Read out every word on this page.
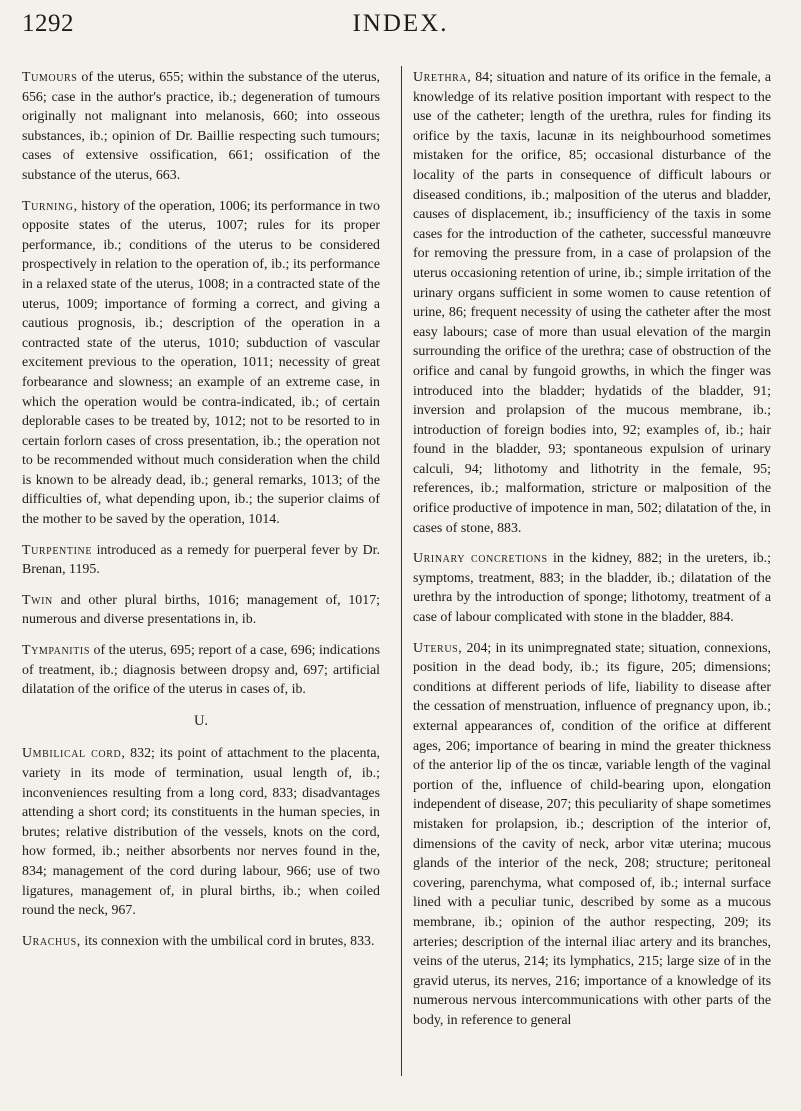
1292	INDEX.

Tumours of the uterus, 655; within the substance of the uterus, 656; case in the author's practice, ib.; degeneration of tumours originally not malignant into melanosis, 660; into osseous substances, ib.; opinion of Dr. Baillie respecting such tumours; cases of extensive ossification, 661; ossification of the substance of the uterus, 663.

Turning, history of the operation, 1006; its performance in two opposite states of the uterus, 1007; rules for its proper performance, ib.; conditions of the uterus to be considered prospectively in relation to the operation of, ib.; its performance in a relaxed state of the uterus, 1008; in a contracted state of the uterus, 1009; importance of forming a correct, and giving a cautious prognosis, ib.; description of the operation in a contracted state of the uterus, 1010; subduction of vascular excitement previous to the operation, 1011; necessity of great forbearance and slowness; an example of an extreme case, in which the operation would be contra-indicated, ib.; of certain deplorable cases to be treated by, 1012; not to be resorted to in certain forlorn cases of cross presentation, ib.; the operation not to be recommended without much consideration when the child is known to be already dead, ib.; general remarks, 1013; of the difficulties of, what depending upon, ib.; the superior claims of the mother to be saved by the operation, 1014.

Turpentine introduced as a remedy for puerperal fever by Dr. Brenan, 1195.

Twin and other plural births, 1016; management of, 1017; numerous and diverse presentations in, ib.

Tympanitis of the uterus, 695; report of a case, 696; indications of treatment, ib.; diagnosis between dropsy and, 697; artificial dilatation of the orifice of the uterus in cases of, ib.

U.

Umbilical cord, 832; its point of attachment to the placenta, variety in its mode of termination, usual length of, ib.; inconveniences resulting from a long cord, 833; disadvantages attending a short cord; its constituents in the human species, in brutes; relative distribution of the vessels, knots on the cord, how formed, ib.; neither absorbents nor nerves found in the, 834; management of the cord during labour, 966; use of two ligatures, management of, in plural births, ib.; when coiled round the neck, 967.

Urachus, its connexion with the umbilical cord in brutes, 833.

Urethra, 84; situation and nature of its orifice in the female, a knowledge of its relative position important with respect to the use of the catheter; length of the urethra, rules for finding its orifice by the taxis, lacunæ in its neighbourhood sometimes mistaken for the orifice, 85; occasional disturbance of the locality of the parts in consequence of difficult labours or diseased conditions, ib.; malposition of the uterus and bladder, causes of displacement, ib.; insufficiency of the taxis in some cases for the introduction of the catheter, successful manœuvre for removing the pressure from, in a case of prolapsion of the uterus occasioning retention of urine, ib.; simple irritation of the urinary organs sufficient in some women to cause retention of urine, 86; frequent necessity of using the catheter after the most easy labours; case of more than usual elevation of the margin surrounding the orifice of the urethra; case of obstruction of the orifice and canal by fungoid growths, in which the finger was introduced into the bladder; hydatids of the bladder, 91; inversion and prolapsion of the mucous membrane, ib.; introduction of foreign bodies into, 92; examples of, ib.; hair found in the bladder, 93; spontaneous expulsion of urinary calculi, 94; lithotomy and lithotrity in the female, 95; references, ib.; malformation, stricture or malposition of the orifice productive of impotence in man, 502; dilatation of the, in cases of stone, 883.

Urinary concretions in the kidney, 882; in the ureters, ib.; symptoms, treatment, 883; in the bladder, ib.; dilatation of the urethra by the introduction of sponge; lithotomy, treatment of a case of labour complicated with stone in the bladder, 884.

Uterus, 204; in its unimpregnated state; situation, connexions, position in the dead body, ib.; its figure, 205; dimensions; conditions at different periods of life, liability to disease after the cessation of menstruation, influence of pregnancy upon, ib.; external appearances of, condition of the orifice at different ages, 206; importance of bearing in mind the greater thickness of the anterior lip of the os tincæ, variable length of the vaginal portion of the, influence of child-bearing upon, elongation independent of disease, 207; this peculiarity of shape sometimes mistaken for prolapsion, ib.; description of the interior of, dimensions of the cavity of neck, arbor vitæ uterina; mucous glands of the interior of the neck, 208; structure; peritoneal covering, parenchyma, what composed of, ib.; internal surface lined with a peculiar tunic, described by some as a mucous membrane, ib.; opinion of the author respecting, 209; its arteries; description of the internal iliac artery and its branches, veins of the uterus, 214; its lymphatics, 215; large size of in the gravid uterus, its nerves, 216; importance of a knowledge of its numerous nervous intercommunications with other parts of the body, in reference to general
